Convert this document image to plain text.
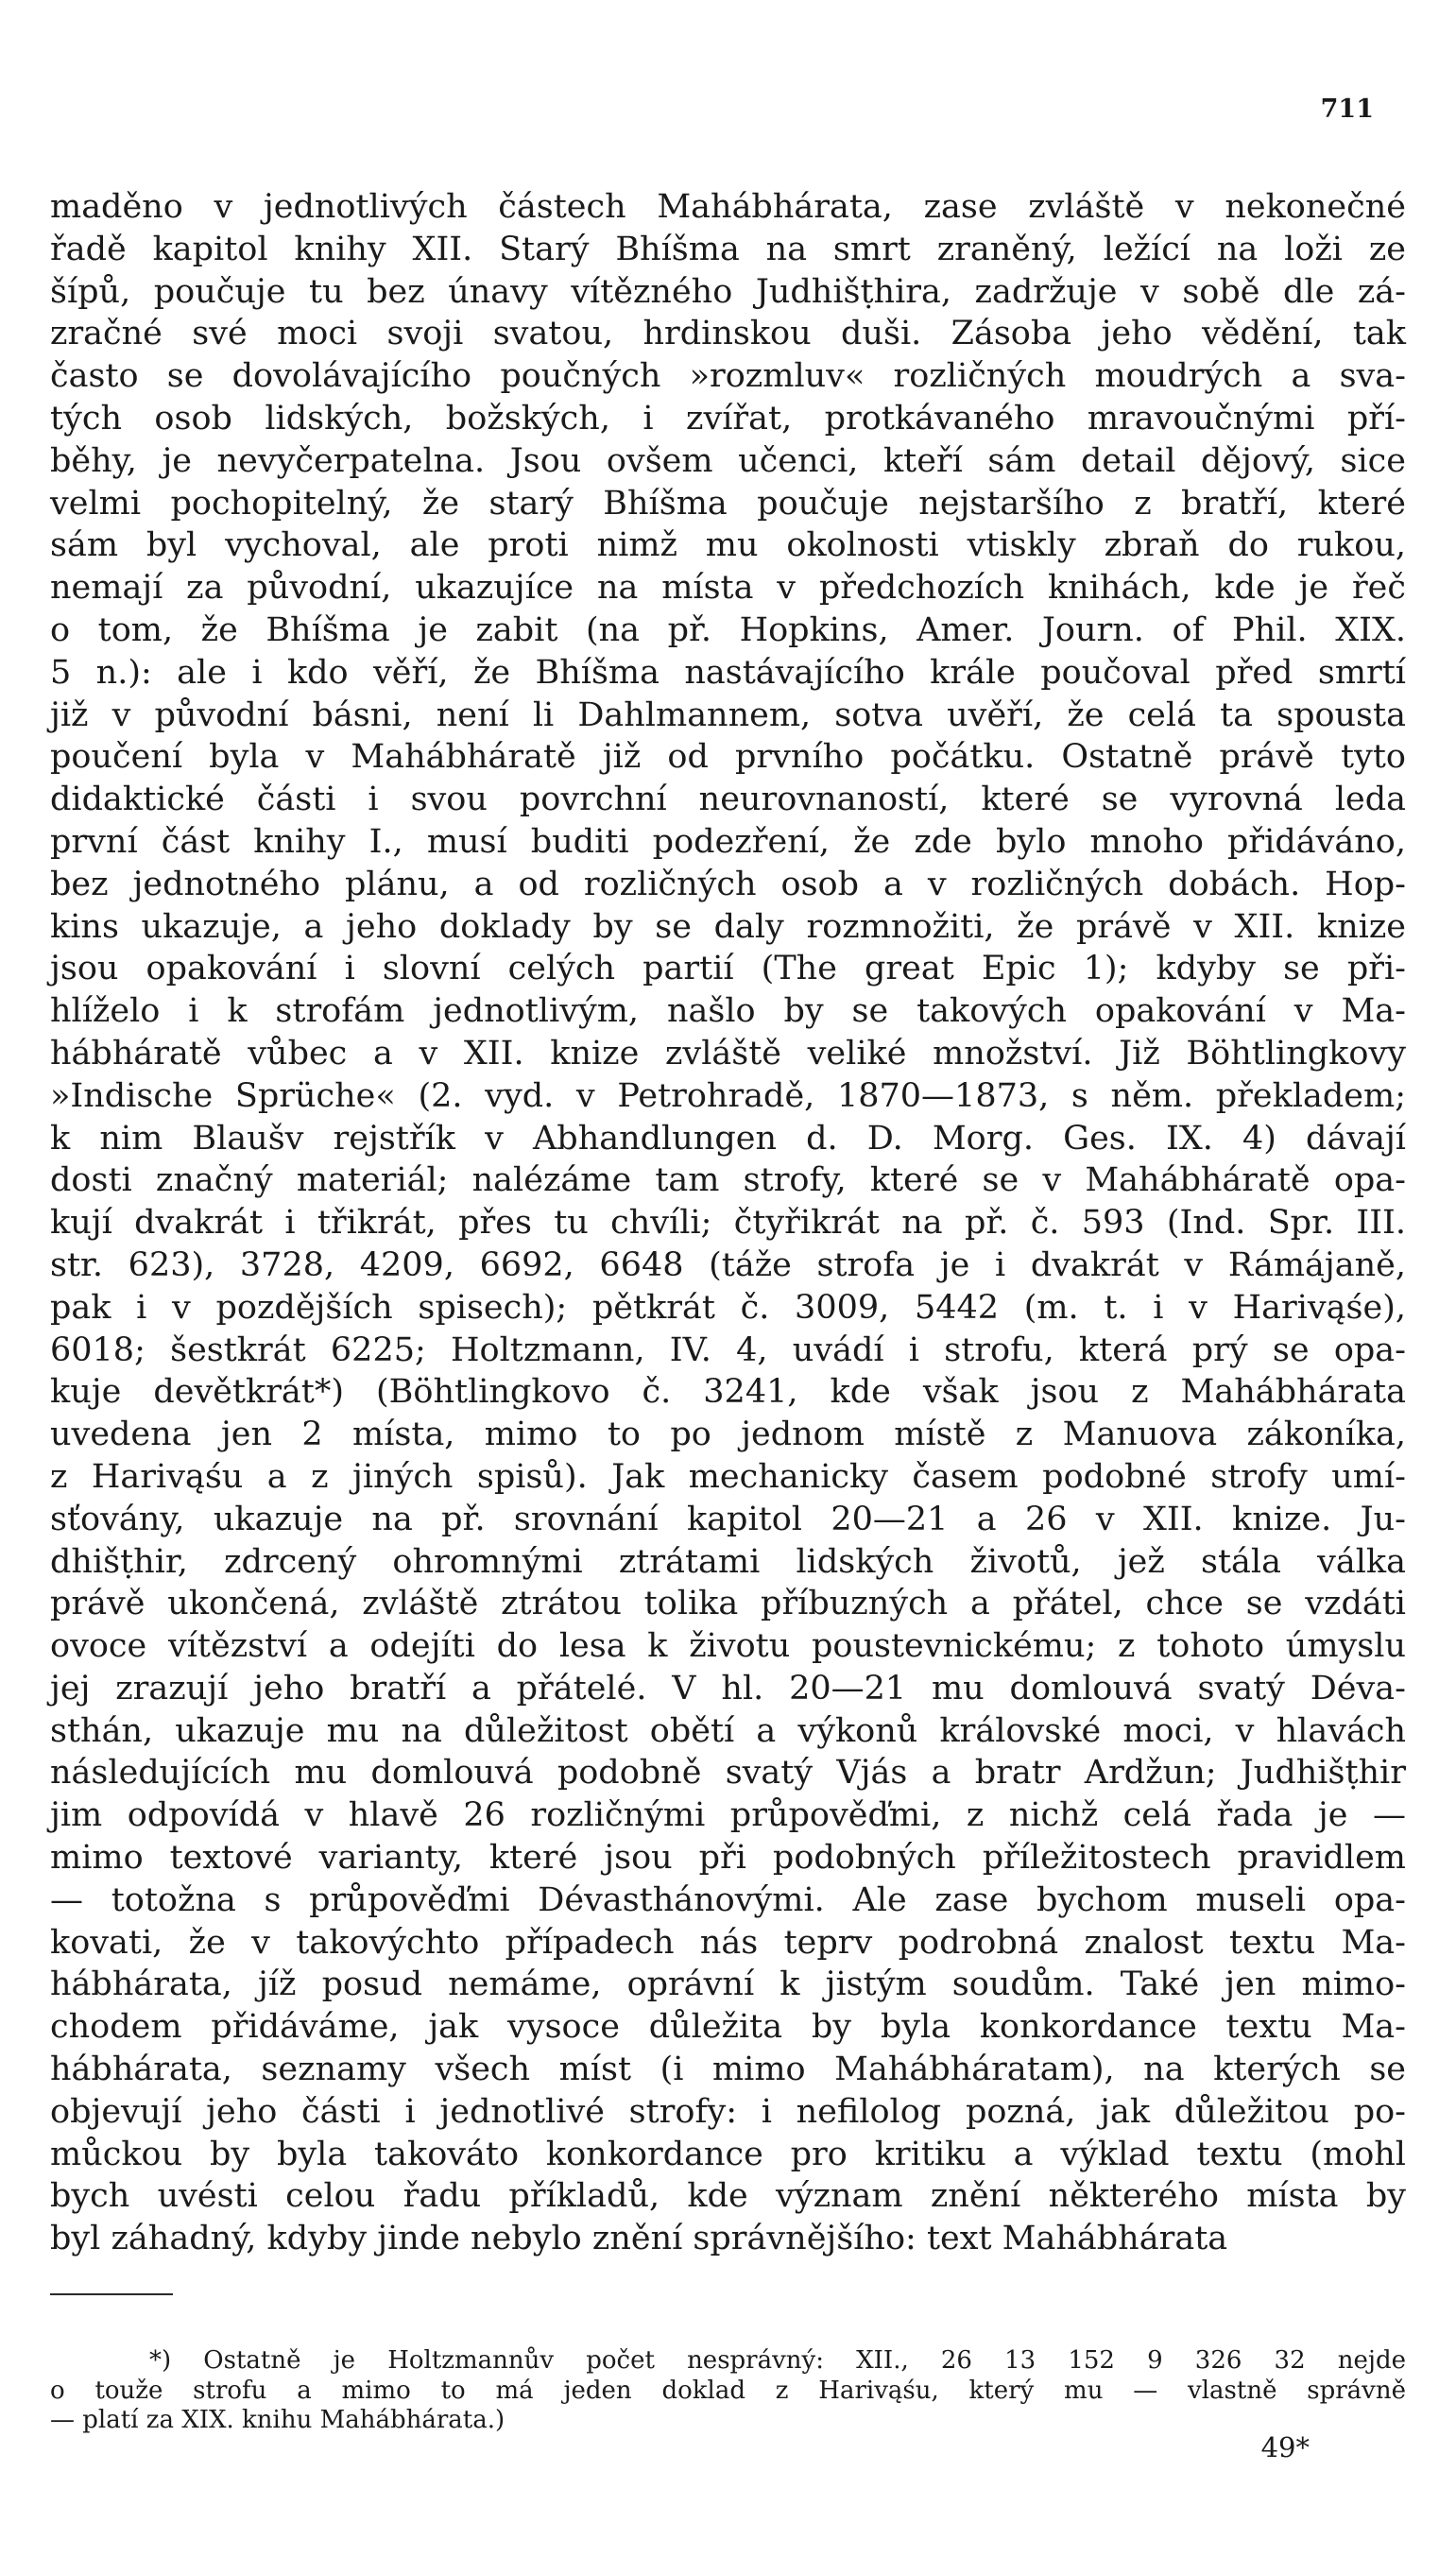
711
maděno v jednotlivých částech Mahábhárata, zase zvláště v nekonečné
řadě kapitol knihy XII. Starý Bhíšma na smrt zraněný, ležící na loži ze
šípů, poučuje tu bez únavy vítězného Judhišṭhira, zadržuje v sobě dle zá-
zračné své moci svoji svatou, hrdinskou duši. Zásoba jeho vědění, tak
často se dovolávajícího poučných »rozmluv« rozličných moudrých a sva-
tých osob lidských, božských, i zvířat, protkávaného mravoučnými pří-
běhy, je nevyčerpatelna. Jsou ovšem učenci, kteří sám detail dějový, sice
velmi pochopitelný, že starý Bhíšma poučuje nejstaršího z bratří, které
sám byl vychoval, ale proti nimž mu okolnosti vtiskly zbraň do rukou,
nemají za původní, ukazujíce na místa v předchozích knihách, kde je řeč
o tom, že Bhíšma je zabit (na př. Hopkins, Amer. Journ. of Phil. XIX.
5 n.): ale i kdo věří, že Bhíšma nastávajícího krále poučoval před smrtí
již v původní básni, není li Dahlmannem, sotva uvěří, že celá ta spousta
poučení byla v Mahábháratě již od prvního počátku. Ostatně právě tyto
didaktické části i svou povrchní neurovnaností, které se vyrovná leda
první část knihy I., musí buditi podezření, že zde bylo mnoho přidáváno,
bez jednotného plánu, a od rozličných osob a v rozličných dobách. Hop-
kins ukazuje, a jeho doklady by se daly rozmnožiti, že právě v XII. knize
jsou opakování i slovní celých partií (The great Epic 1); kdyby se při-
hlíželo i k strofám jednotlivým, našlo by se takových opakování v Ma-
hábháratě vůbec a v XII. knize zvláště veliké množství. Již Böhtlingkovy
»Indische Sprüche« (2. vyd. v Petrohradě, 1870—1873, s něm. překladem;
k nim Blaušv rejstřík v Abhandlungen d. D. Morg. Ges. IX. 4) dávají
dosti značný materiál; nalézáme tam strofy, které se v Mahábháratě opa-
kují dvakrát i třikrát, přes tu chvíli; čtyřikrát na př. č. 593 (Ind. Spr. III.
str. 623), 3728, 4209, 6692, 6648 (táže strofa je i dvakrát v Rámájaně,
pak i v pozdějších spisech); pětkrát č. 3009, 5442 (m. t. i v Harivąśe),
6018; šestkrát 6225; Holtzmann, IV. 4, uvádí i strofu, která prý se opa-
kuje devětkrát*) (Böhtlingkovo č. 3241, kde však jsou z Mahábhárata
uvedena jen 2 místa, mimo to po jednom místě z Manuova zákoníka,
z Harivąśu a z jiných spisů). Jak mechanicky časem podobné strofy umí-
sťovány, ukazuje na př. srovnání kapitol 20—21 a 26 v XII. knize. Ju-
dhišṭhir, zdrcený ohromnými ztrátami lidských životů, jež stála válka
právě ukončená, zvláště ztrátou tolika příbuzných a přátel, chce se vzdáti
ovoce vítězství a odejíti do lesa k životu poustevnickému; z tohoto úmyslu
jej zrazují jeho bratří a přátelé. V hl. 20—21 mu domlouvá svatý Déva-
sthán, ukazuje mu na důležitost obětí a výkonů královské moci, v hlavách
následujících mu domlouvá podobně svatý Vjás a bratr Ardžun; Judhišṭhir
jim odpovídá v hlavě 26 rozličnými průpověďmi, z nichž celá řada je —
mimo textové varianty, které jsou při podobných příležitostech pravidlem
— totožna s průpověďmi Dévasthánovými. Ale zase bychom museli opa-
kovati, že v takovýchto případech nás teprv podrobná znalost textu Ma-
hábhárata, jíž posud nemáme, oprávní k jistým soudům. Také jen mimo-
chodem přidáváme, jak vysoce důležita by byla konkordance textu Ma-
hábhárata, seznamy všech míst (i mimo Mahábháratam), na kterých se
objevují jeho části i jednotlivé strofy: i nefilolog pozná, jak důležitou po-
můckou by byla takováto konkordance pro kritiku a výklad textu (mohl
bych uvésti celou řadu příkladů, kde význam znění některého místa by
byl záhadný, kdyby jinde nebylo znění správnějšího: text Mahábhárata
*) Ostatně je Holtzmannův počet nesprávný: XII., 26 13 152 9 326 32 nejde
o touže strofu a mimo to má jeden doklad z Harivąśu, který mu — vlastně správně
— platí za XIX. knihu Mahábhárata.)
49*
